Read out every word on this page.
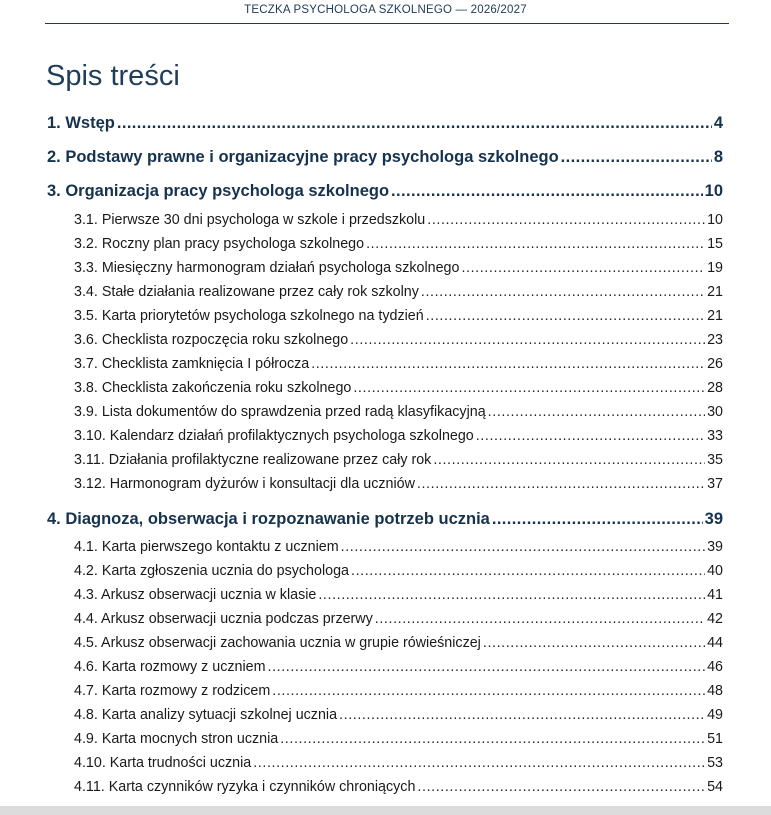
TECZKA PSYCHOLOGA SZKOLNEGO — 2026/2027
Spis treści
1. Wstęp .....	4
2. Podstawy prawne i organizacyjne pracy psychologa szkolnego .....	8
3. Organizacja pracy psychologa szkolnego .....	10
3.1. Pierwsze 30 dni psychologa w szkole i przedszkolu .....	10
3.2. Roczny plan pracy psychologa szkolnego .....	15
3.3. Miesięczny harmonogram działań psychologa szkolnego .....	19
3.4. Stałe działania realizowane przez cały rok szkolny .....	21
3.5. Karta priorytetów psychologa szkolnego na tydzień .....	21
3.6. Checklista rozpoczęcia roku szkolnego .....	23
3.7. Checklista zamknięcia I półrocza .....	26
3.8. Checklista zakończenia roku szkolnego .....	28
3.9. Lista dokumentów do sprawdzenia przed radą klasyfikacyjną .....	30
3.10. Kalendarz działań profilaktycznych psychologa szkolnego .....	33
3.11. Działania profilaktyczne realizowane przez cały rok .....	35
3.12. Harmonogram dyżurów i konsultacji dla uczniów .....	37
4. Diagnoza, obserwacja i rozpoznawanie potrzeb ucznia .....	39
4.1. Karta pierwszego kontaktu z uczniem .....	39
4.2. Karta zgłoszenia ucznia do psychologa .....	40
4.3. Arkusz obserwacji ucznia w klasie .....	41
4.4. Arkusz obserwacji ucznia podczas przerwy .....	42
4.5. Arkusz obserwacji zachowania ucznia w grupie rówieśniczej .....	44
4.6. Karta rozmowy z uczniem .....	46
4.7. Karta rozmowy z rodzicem .....	48
4.8. Karta analizy sytuacji szkolnej ucznia .....	49
4.9. Karta mocnych stron ucznia .....	51
4.10. Karta trudności ucznia .....	53
4.11. Karta czynników ryzyka i czynników chroniących .....	54
